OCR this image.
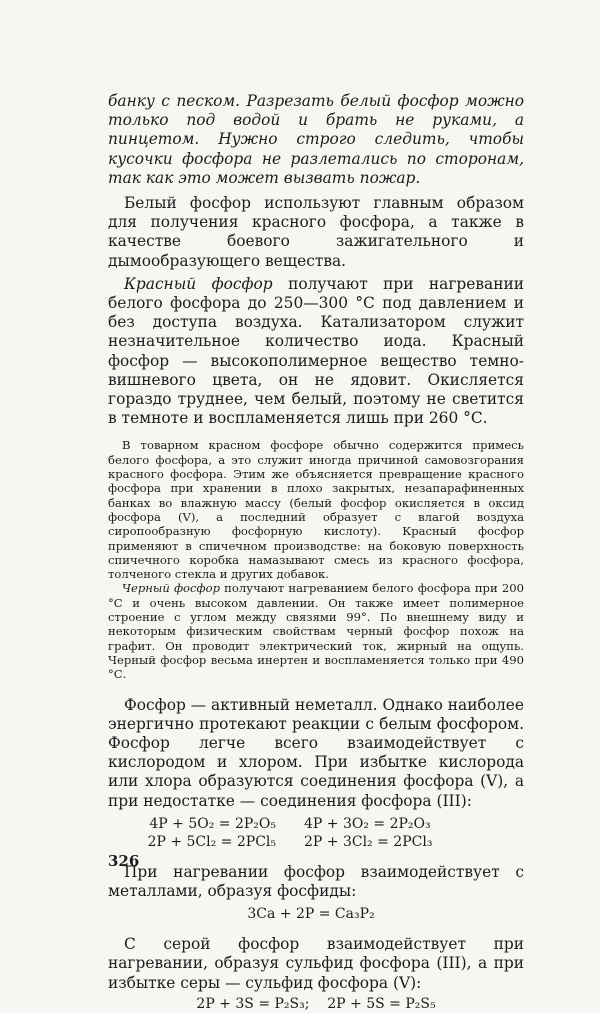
банку с песком. Разрезать белый фосфор можно только под водой и брать не руками, а пинцетом. Нужно строго следить, чтобы кусочки фосфора не разлетались по сторонам, так как это может вызвать пожар.

Белый фосфор используют главным образом для получения красного фосфора, а также в качестве боевого зажигательного и дымообразующего вещества.

Красный фосфор получают при нагревании белого фосфора до 250—300 °С под давлением и без доступа воздуха. Катализатором служит незначительное количество иода. Красный фосфор — высокополимерное вещество темно-вишневого цвета, он не ядовит. Окисляется гораздо труднее, чем белый, поэтому не светится в темноте и воспламеняется лишь при 260 °С.

В товарном красном фосфоре обычно содержится примесь белого фосфора, а это служит иногда причиной самовозгорания красного фосфора. Этим же объясняется превращение красного фосфора при хранении в плохо закрытых, незапарафиненных банках во влажную массу (белый фосфор окисляется в оксид фосфора (V), а последний образует с влагой воздуха сиропообразную фосфорную кислоту). Красный фосфор применяют в спичечном производстве: на боковую поверхность спичечного коробка намазывают смесь из красного фосфора, толченого стекла и других добавок.

Черный фосфор получают нагреванием белого фосфора при 200 °С и очень высоком давлении. Он также имеет полимерное строение с углом между связями 99°. По внешнему виду и некоторым физическим свойствам черный фосфор похож на графит. Он проводит электрический ток, жирный на ощупь. Черный фосфор весьма инертен и воспламеняется только при 490 °С.

Фосфор — активный неметалл. Однако наиболее энергично протекают реакции с белым фосфором. Фосфор легче всего взаимодействует с кислородом и хлором. При избытке кислорода или хлора образуются соединения фосфора (V), а при недостатке — соединения фосфора (III):

4P + 5O₂ = 2P₂O₅	4P + 3O₂ = 2P₂O₃
2P + 5Cl₂ = 2PCl₅	2P + 3Cl₂ = 2PCl₃

При нагревании фосфор взаимодействует с металлами, образуя фосфиды:

3Ca + 2P = Ca₃P₂

С серой фосфор взаимодействует при нагревании, образуя сульфид фосфора (III), а при избытке серы — сульфид фосфора (V):

2P + 3S = P₂S₃;    2P + 5S = P₂S₅
326
